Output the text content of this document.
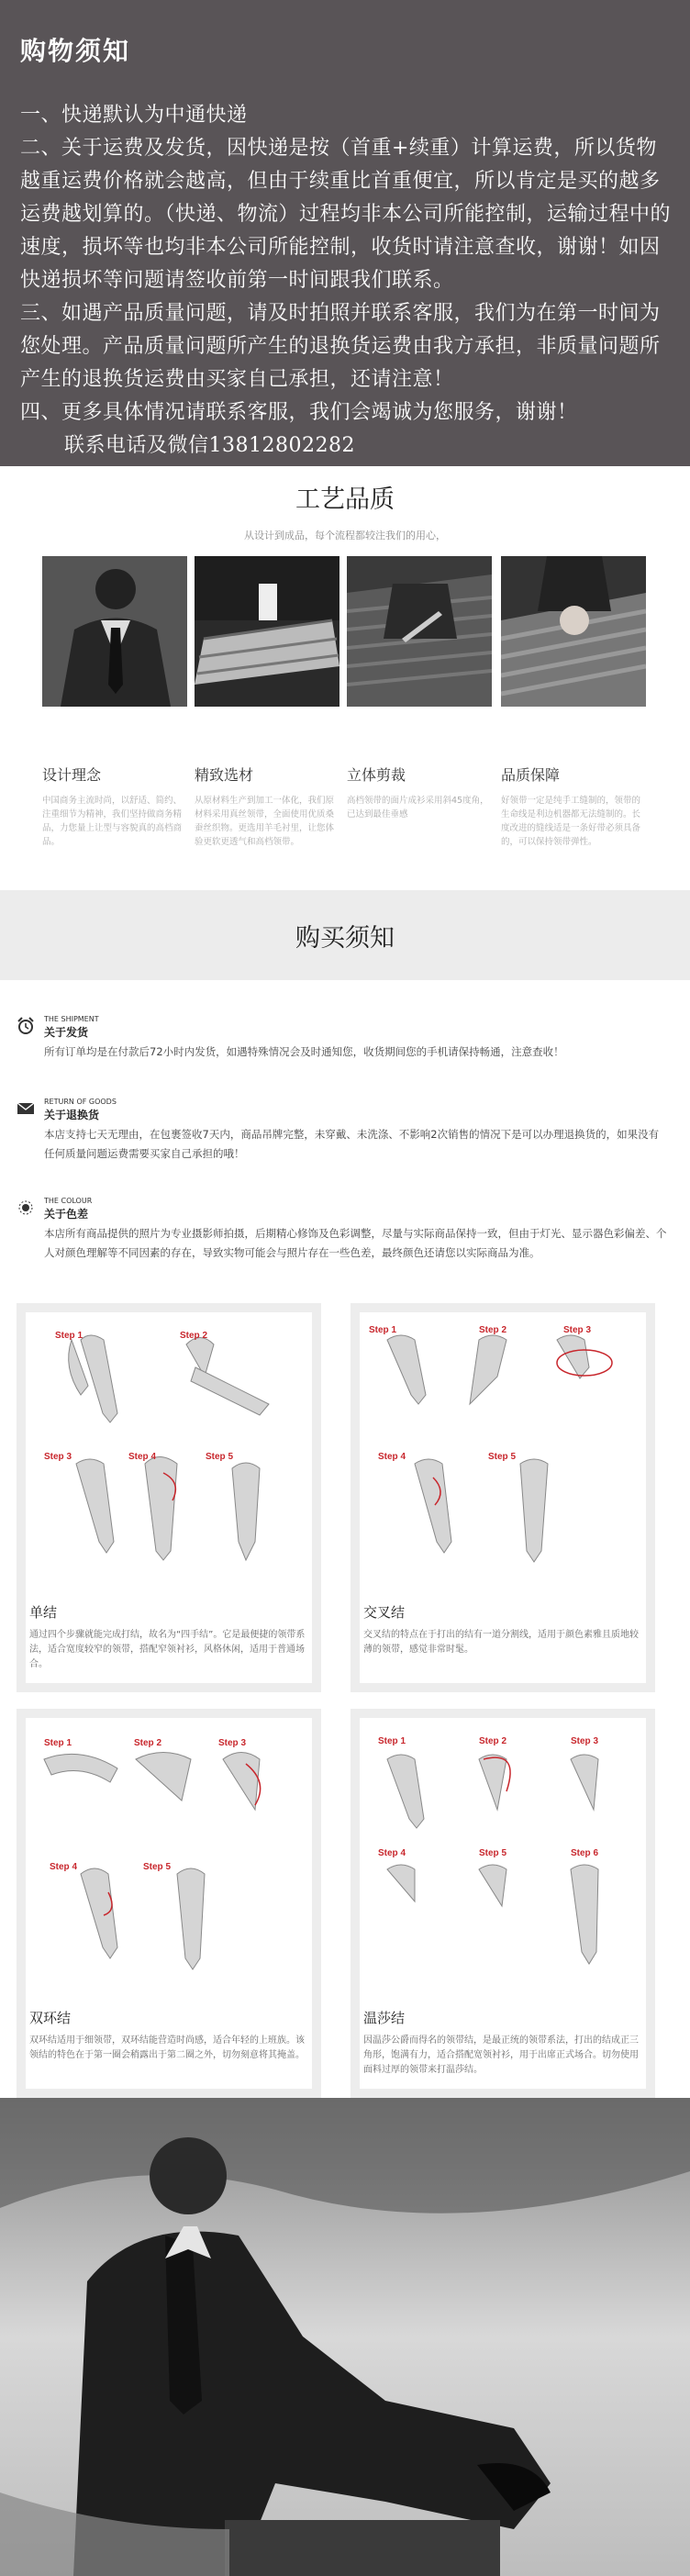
购物须知

一、快递默认为中通快递

二、关于运费及发货，因快递是按（首重+续重）计算运费，所以货物越重运费价格就会越高，但由于续重比首重便宜，所以肯定是买的越多运费越划算的。（快递、物流）过程均非本公司所能控制，运输过程中的速度，损坏等也均非本公司所能控制，收货时请注意查收，谢谢！如因快递损坏等问题请签收前第一时间跟我们联系。

三、如遇产品质量问题，请及时拍照并联系客服，我们为在第一时间为您处理。产品质量问题所产生的退换货运费由我方承担，非质量问题所产生的退换货运费由买家自己承担，还请注意！

四、更多具体情况请联系客服，我们会竭诚为您服务，谢谢！

联系电话及微信13812802282

工艺品质
从设计到成品，每个流程都较注我们的用心，
设计理念

中国商务主流时尚，以舒适、简约、注重细节为精神，我们坚持做商务精品，力您量上让型与容貌真的高档商品。

精致选材

从原材料生产到加工一体化，我们原材料采用真丝领带，全面使用优质桑蚕丝织物。更选用羊毛衬里，让您体验更软更透气和高档领带。

立体剪裁

高档领带的面片成衫采用斜45度角，已达到最佳垂感

品质保障

好领带一定是纯手工缝制的，领带的生命线是利边机器都无法缝制的。长度改进的缝线适是一条好带必须具备的，可以保持领带弹性。

购买须知
THE SHIPMENT
关于发货
所有订单均是在付款后72小时内发货，如遇特殊情况会及时通知您，收货期间您的手机请保持畅通，注意查收！
RETURN OF GOODS
关于退换货
本店支持七天无理由，在包裹签收7天内，商品吊牌完整，未穿戴、未洗涤、不影响2次销售的情况下是可以办理退换货的，如果没有任何质量问题运费需要买家自己承担的哦！
THE COLOUR
关于色差
本店所有商品提供的照片为专业摄影师拍摄，后期精心修饰及色彩调整，尽量与实际商品保持一致，但由于灯光、显示器色彩偏差、个人对颜色理解等不同因素的存在，导致实物可能会与照片存在一些色差，最终颜色还请您以实际商品为准。
Step 1	Step 2
Step 3	Step 4	Step 5
单结
通过四个步骤就能完成打结，故名为“四手结”。它是最便捷的领带系法，适合宽度较窄的领带，搭配窄领衬衫，风格休闲，适用于普通场合。
Step 1	Step 2	Step 3
Step 4	Step 5
交叉结
交叉结的特点在于打出的结有一道分割线，适用于颜色素雅且质地较薄的领带，感觉非常时髦。
Step 1	Step 2	Step 3
Step 4	Step 5
双环结
双环结适用于细领带，双环结能营造时尚感，适合年轻的上班族。该领结的特色在于第一圈会稍露出于第二圈之外，切勿刻意将其掩盖。
Step 1	Step 2	Step 3
Step 4	Step 5	Step 6
温莎结
因温莎公爵而得名的领带结，是最正统的领带系法，打出的结成正三角形，饱满有力，适合搭配宽领衬衫，用于出席正式场合。切勿使用面料过厚的领带来打温莎结。
